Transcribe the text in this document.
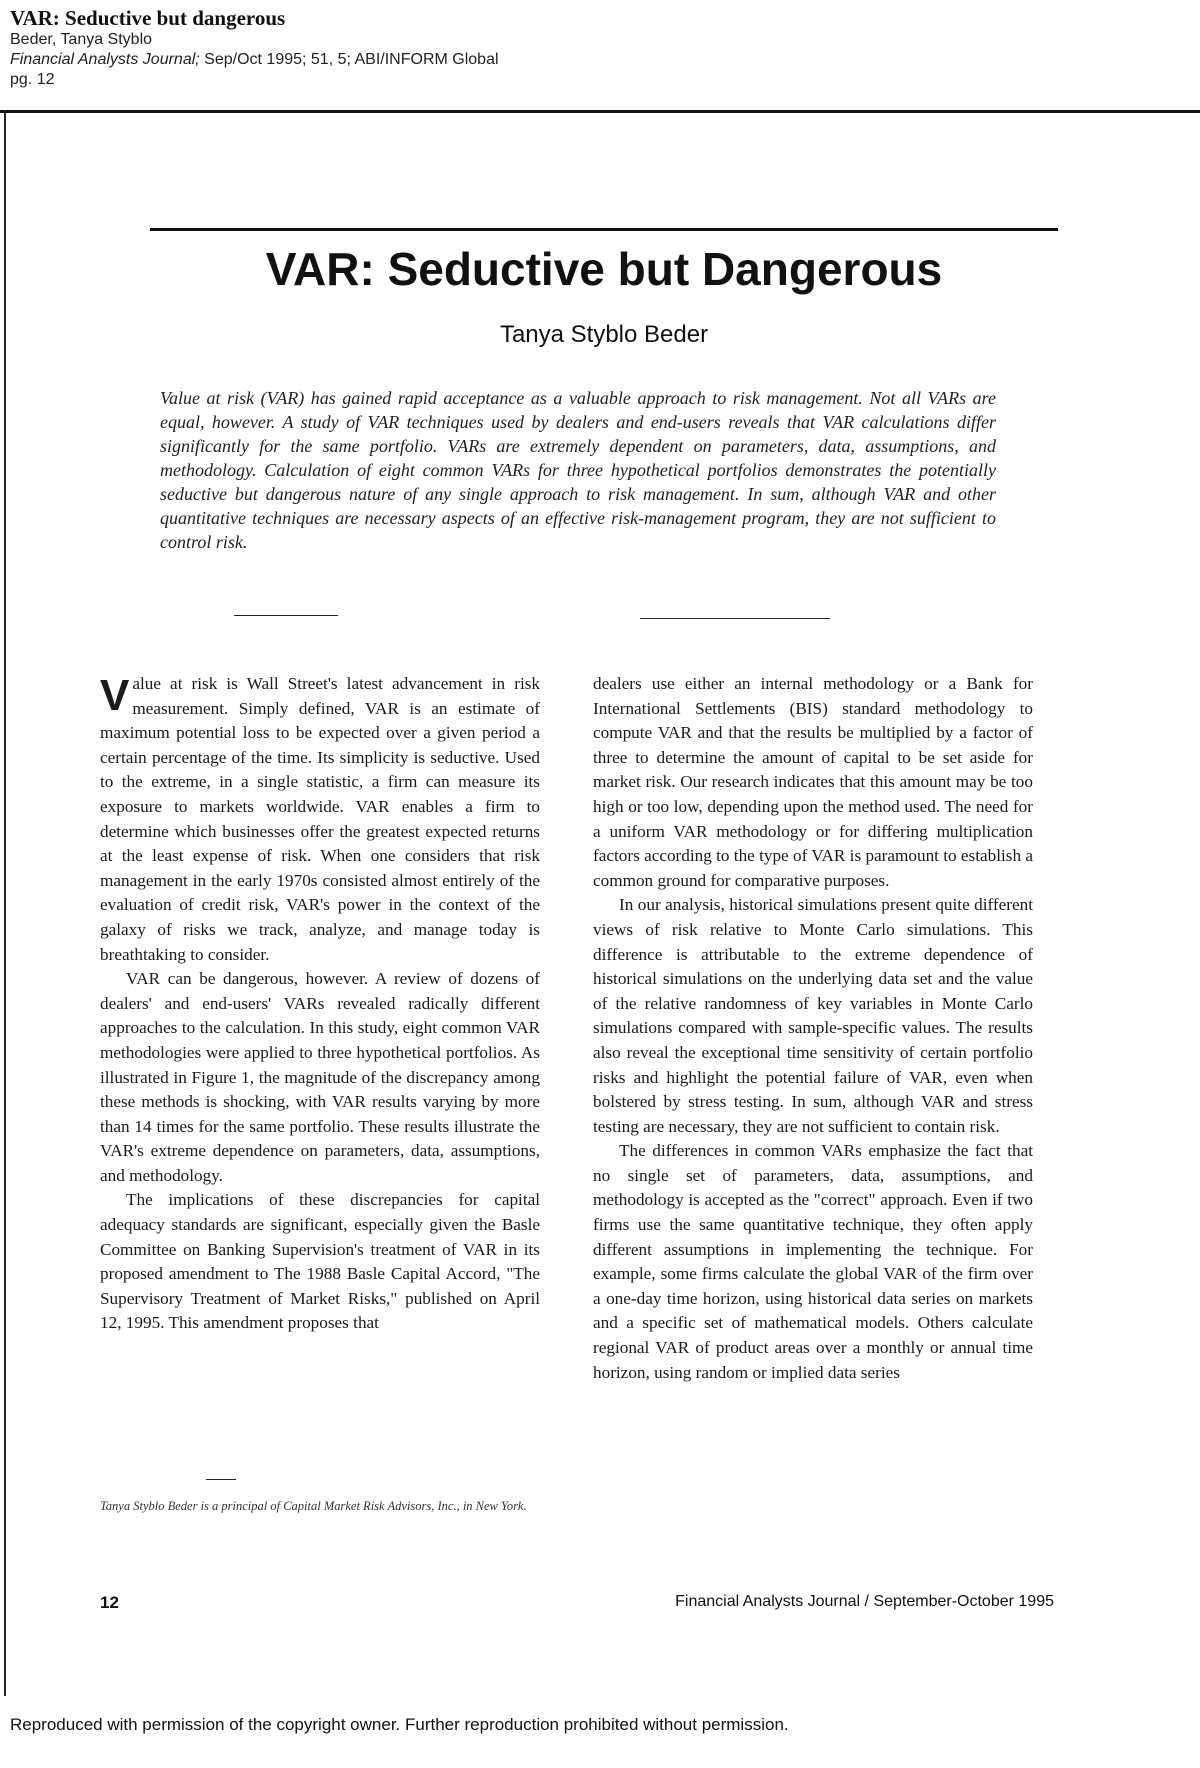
VAR: Seductive but dangerous
Beder, Tanya Styblo
Financial Analysts Journal; Sep/Oct 1995; 51, 5; ABI/INFORM Global
pg. 12
VAR: Seductive but Dangerous
Tanya Styblo Beder
Value at risk (VAR) has gained rapid acceptance as a valuable approach to risk management. Not all VARs are equal, however. A study of VAR techniques used by dealers and end-users reveals that VAR calculations differ significantly for the same portfolio. VARs are extremely dependent on parameters, data, assumptions, and methodology. Calculation of eight common VARs for three hypothetical portfolios demonstrates the potentially seductive but dangerous nature of any single approach to risk management. In sum, although VAR and other quantitative techniques are necessary aspects of an effective risk-management program, they are not sufficient to control risk.

Value at risk is Wall Street's latest advancement in risk measurement. Simply defined, VAR is an estimate of maximum potential loss to be expected over a given period a certain percentage of the time. Its simplicity is seductive. Used to the extreme, in a single statistic, a firm can measure its exposure to markets worldwide. VAR enables a firm to determine which businesses offer the greatest expected returns at the least expense of risk. When one considers that risk management in the early 1970s consisted almost entirely of the evaluation of credit risk, VAR's power in the context of the galaxy of risks we track, analyze, and manage today is breathtaking to consider.

VAR can be dangerous, however. A review of dozens of dealers' and end-users' VARs revealed radically different approaches to the calculation. In this study, eight common VAR methodologies were applied to three hypothetical portfolios. As illustrated in Figure 1, the magnitude of the discrepancy among these methods is shocking, with VAR results varying by more than 14 times for the same portfolio. These results illustrate the VAR's extreme dependence on parameters, data, assumptions, and methodology.

The implications of these discrepancies for capital adequacy standards are significant, especially given the Basle Committee on Banking Supervision's treatment of VAR in its proposed amendment to The 1988 Basle Capital Accord, "The Supervisory Treatment of Market Risks," published on April 12, 1995. This amendment proposes that

dealers use either an internal methodology or a Bank for International Settlements (BIS) standard methodology to compute VAR and that the results be multiplied by a factor of three to determine the amount of capital to be set aside for market risk. Our research indicates that this amount may be too high or too low, depending upon the method used. The need for a uniform VAR methodology or for differing multiplication factors according to the type of VAR is paramount to establish a common ground for comparative purposes.

In our analysis, historical simulations present quite different views of risk relative to Monte Carlo simulations. This difference is attributable to the extreme dependence of historical simulations on the underlying data set and the value of the relative randomness of key variables in Monte Carlo simulations compared with sample-specific values. The results also reveal the exceptional time sensitivity of certain portfolio risks and highlight the potential failure of VAR, even when bolstered by stress testing. In sum, although VAR and stress testing are necessary, they are not sufficient to contain risk.

The differences in common VARs emphasize the fact that no single set of parameters, data, assumptions, and methodology is accepted as the "correct" approach. Even if two firms use the same quantitative technique, they often apply different assumptions in implementing the technique. For example, some firms calculate the global VAR of the firm over a one-day time horizon, using historical data series on markets and a specific set of mathematical models. Others calculate regional VAR of product areas over a monthly or annual time horizon, using random or implied data series

Tanya Styblo Beder is a principal of Capital Market Risk Advisors, Inc., in New York.
12	Financial Analysts Journal / September-October 1995
Reproduced with permission of the copyright owner. Further reproduction prohibited without permission.
